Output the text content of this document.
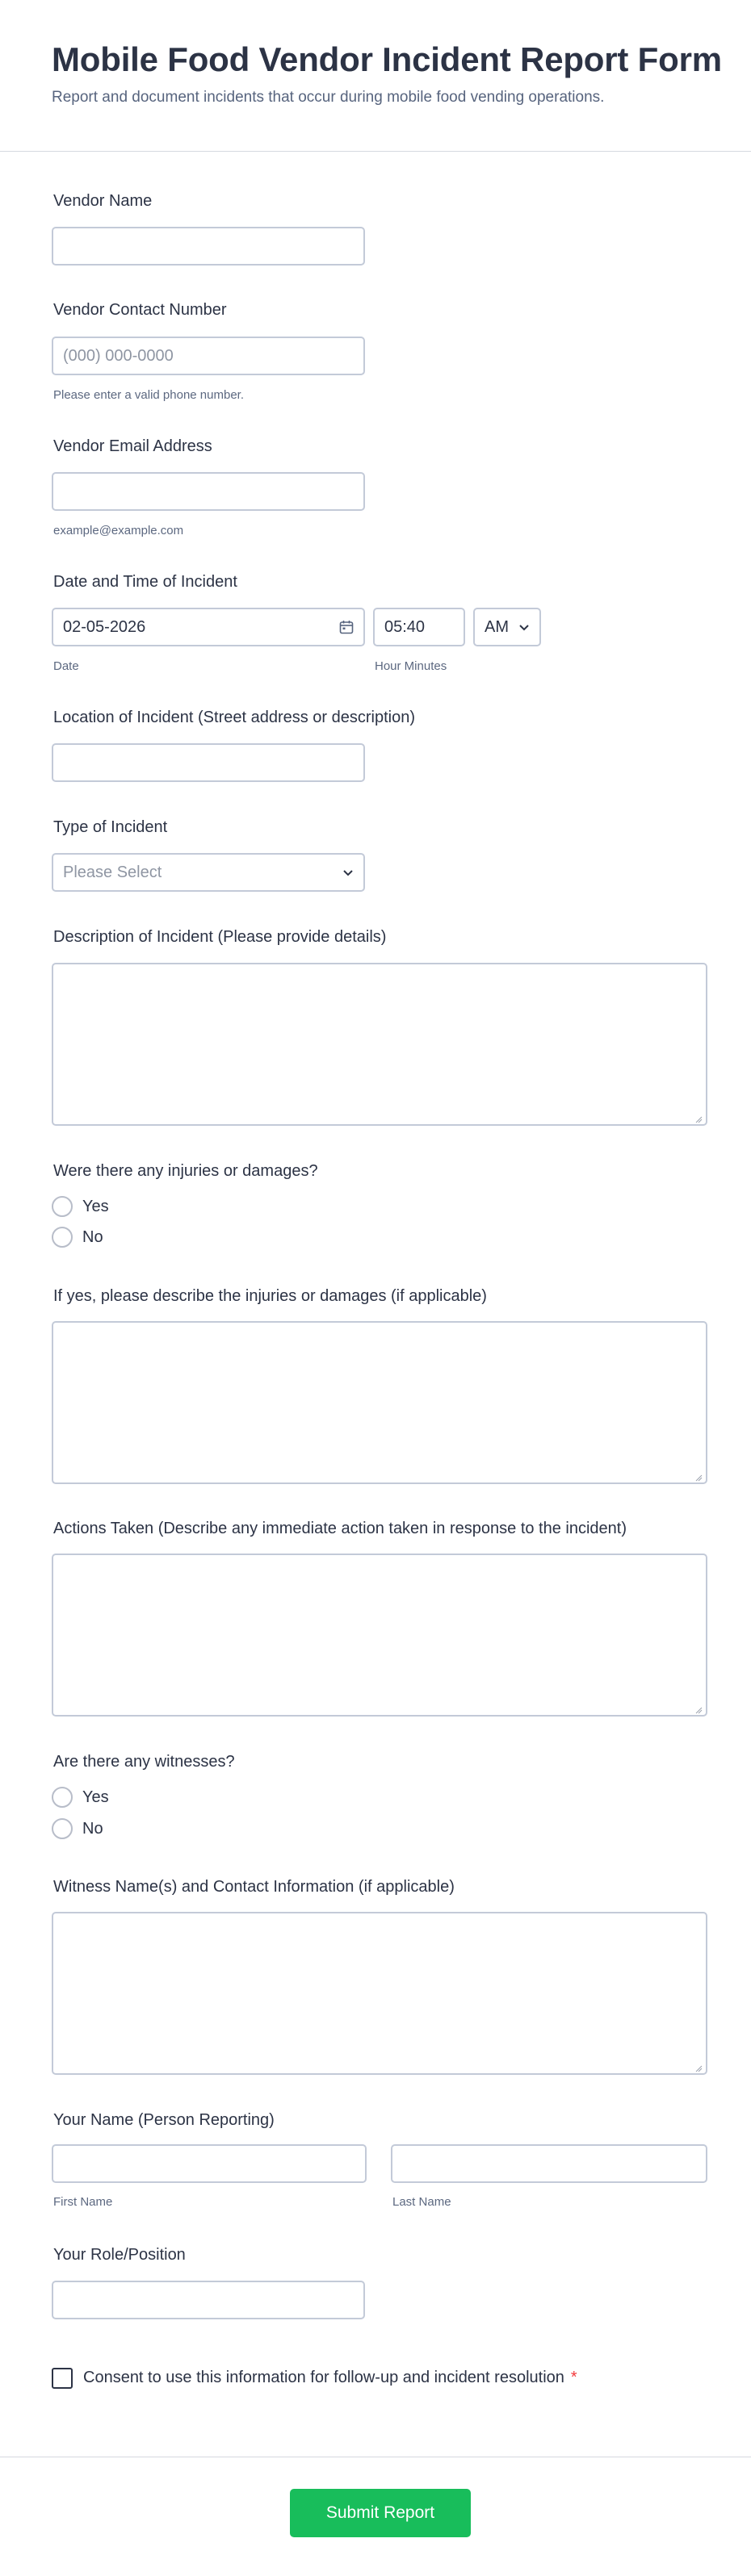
Mobile Food Vendor Incident Report Form
Report and document incidents that occur during mobile food vending operations.
Vendor Name
Vendor Contact Number
(000) 000-0000
Please enter a valid phone number.
Vendor Email Address
example@example.com
Date and Time of Incident
02-05-2026	05:40	AM
Date	Hour Minutes
Location of Incident (Street address or description)
Type of Incident
Please Select
Description of Incident (Please provide details)
Were there any injuries or damages?
Yes
No
If yes, please describe the injuries or damages (if applicable)
Actions Taken (Describe any immediate action taken in response to the incident)
Are there any witnesses?
Yes
No
Witness Name(s) and Contact Information (if applicable)
Your Name (Person Reporting)
First Name	Last Name
Your Role/Position
Consent to use this information for follow-up and incident resolution *
Submit Report
